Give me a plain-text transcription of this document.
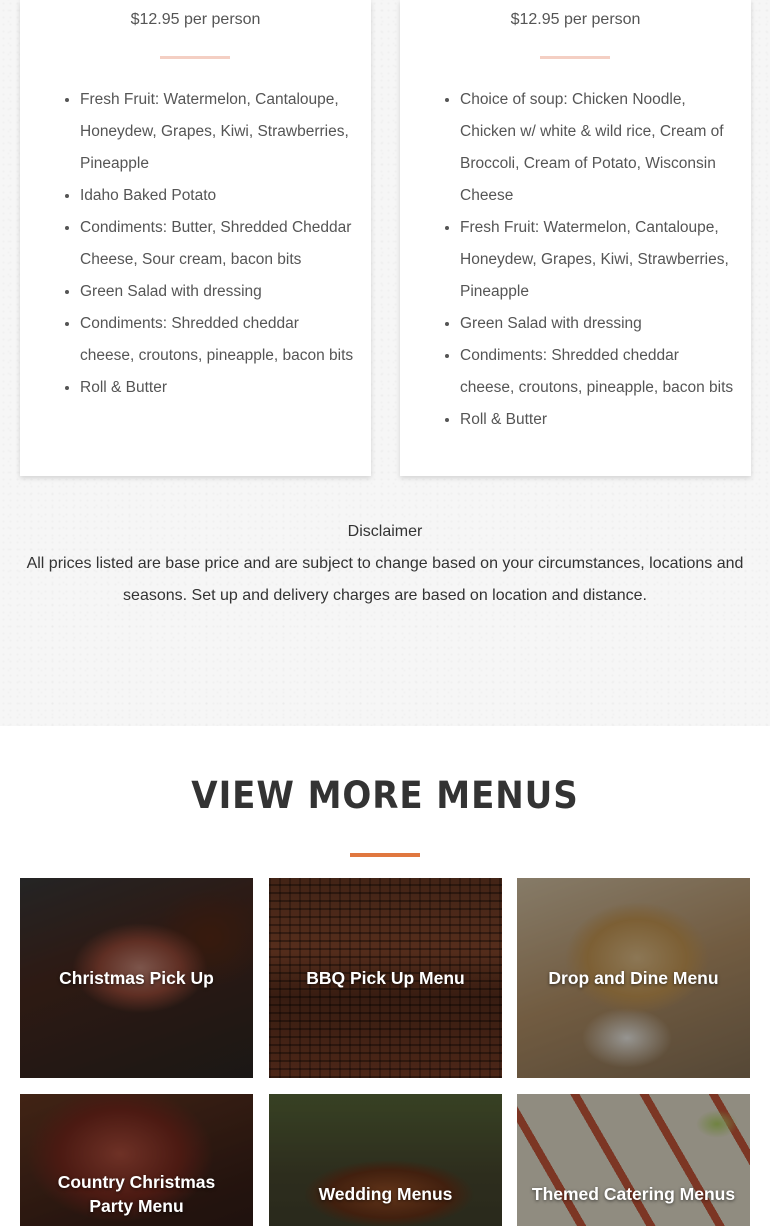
$12.95 per person
• Fresh Fruit: Watermelon, Cantaloupe, Honeydew, Grapes, Kiwi, Strawberries, Pineapple
• Idaho Baked Potato
• Condiments: Butter, Shredded Cheddar Cheese, Sour cream, bacon bits
• Green Salad with dressing
• Condiments: Shredded cheddar cheese, croutons, pineapple, bacon bits
• Roll & Butter
$12.95 per person
• Choice of soup: Chicken Noodle, Chicken w/ white & wild rice, Cream of Broccoli, Cream of Potato, Wisconsin Cheese
• Fresh Fruit: Watermelon, Cantaloupe, Honeydew, Grapes, Kiwi, Strawberries, Pineapple
• Green Salad with dressing
• Condiments: Shredded cheddar cheese, croutons, pineapple, bacon bits
• Roll & Butter
Disclaimer
All prices listed are base price and are subject to change based on your circumstances, locations and seasons. Set up and delivery charges are based on location and distance.
VIEW MORE MENUS
Christmas Pick Up	BBQ Pick Up Menu	Drop and Dine Menu
Country Christmas Party Menu
Wedding Menus	Themed Catering Menus
